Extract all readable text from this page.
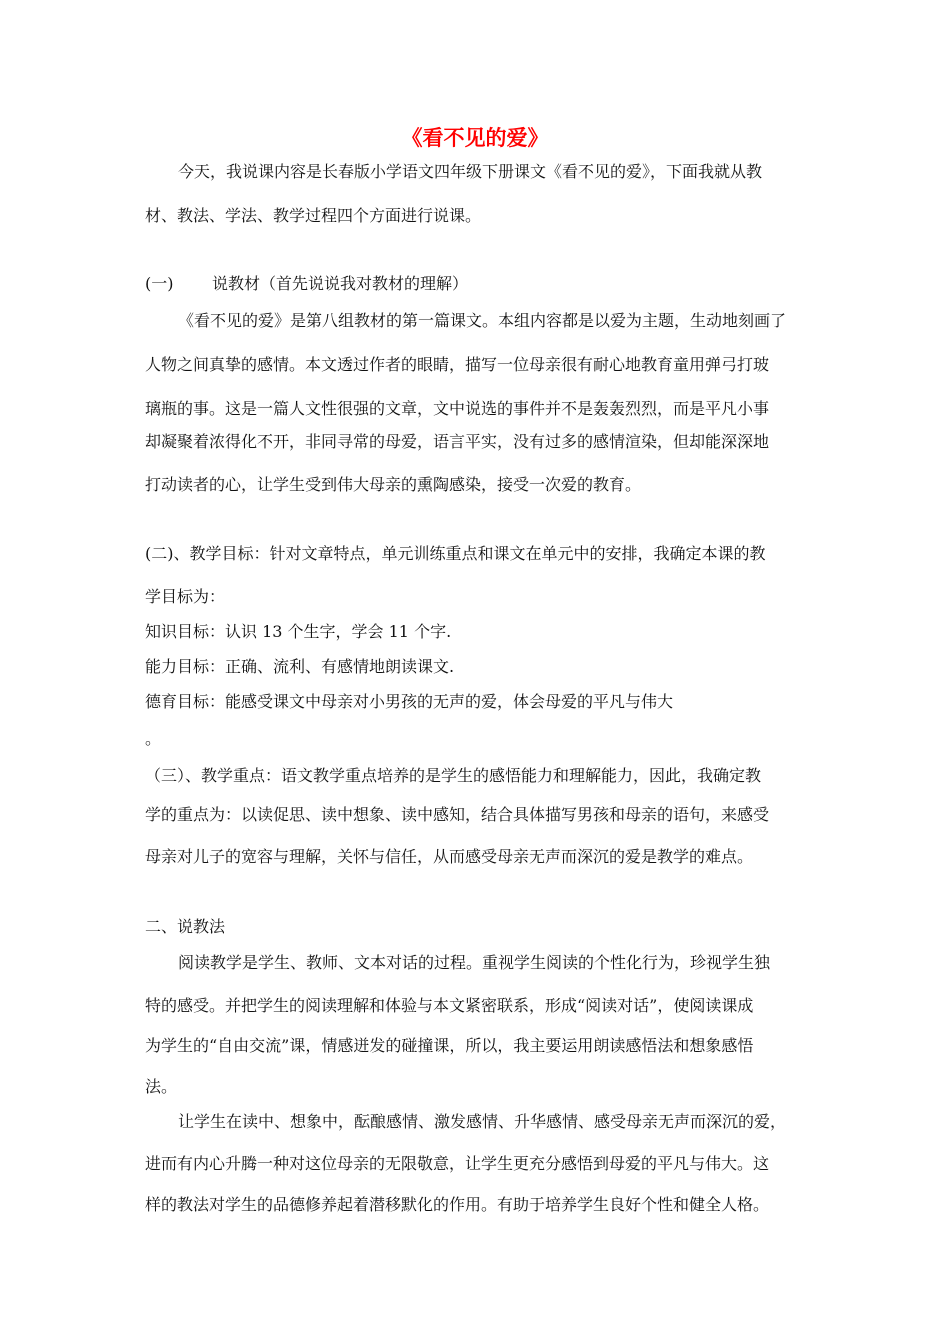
《看不见的爱》
今天，我说课内容是长春版小学语文四年级下册课文《看不见的爱》，下面我就从教
材、教法、学法、教学过程四个方面进行说课。
(一) 说教材（首先说说我对教材的理解）
《看不见的爱》是第八组教材的第一篇课文。本组内容都是以爱为主题，生动地刻画了
人物之间真挚的感情。本文透过作者的眼睛，描写一位母亲很有耐心地教育童用弹弓打玻
璃瓶的事。这是一篇人文性很强的文章，文中说选的事件并不是轰轰烈烈，而是平凡小事
却凝聚着浓得化不开，非同寻常的母爱，语言平实，没有过多的感情渲染，但却能深深地
打动读者的心，让学生受到伟大母亲的熏陶感染，接受一次爱的教育。
(二)、教学目标：针对文章特点，单元训练重点和课文在单元中的安排，我确定本课的教
学目标为：
知识目标：认识 13 个生字，学会 11 个字.
能力目标：正确、流利、有感情地朗读课文.
德育目标：能感受课文中母亲对小男孩的无声的爱，体会母爱的平凡与伟大
。
（三）、教学重点：语文教学重点培养的是学生的感悟能力和理解能力，因此，我确定教
学的重点为：以读促思、读中想象、读中感知，结合具体描写男孩和母亲的语句，来感受
母亲对儿子的宽容与理解，关怀与信任，从而感受母亲无声而深沉的爱是教学的难点。
二、说教法
阅读教学是学生、教师、文本对话的过程。重视学生阅读的个性化行为，珍视学生独
特的感受。并把学生的阅读理解和体验与本文紧密联系，形成“阅读对话”，使阅读课成
为学生的“自由交流”课，情感迸发的碰撞课，所以，我主要运用朗读感悟法和想象感悟
法。
让学生在读中、想象中，酝酿感情、激发感情、升华感情、感受母亲无声而深沉的爱，
进而有内心升腾一种对这位母亲的无限敬意，让学生更充分感悟到母爱的平凡与伟大。这
样的教法对学生的品德修养起着潜移默化的作用。有助于培养学生良好个性和健全人格。
